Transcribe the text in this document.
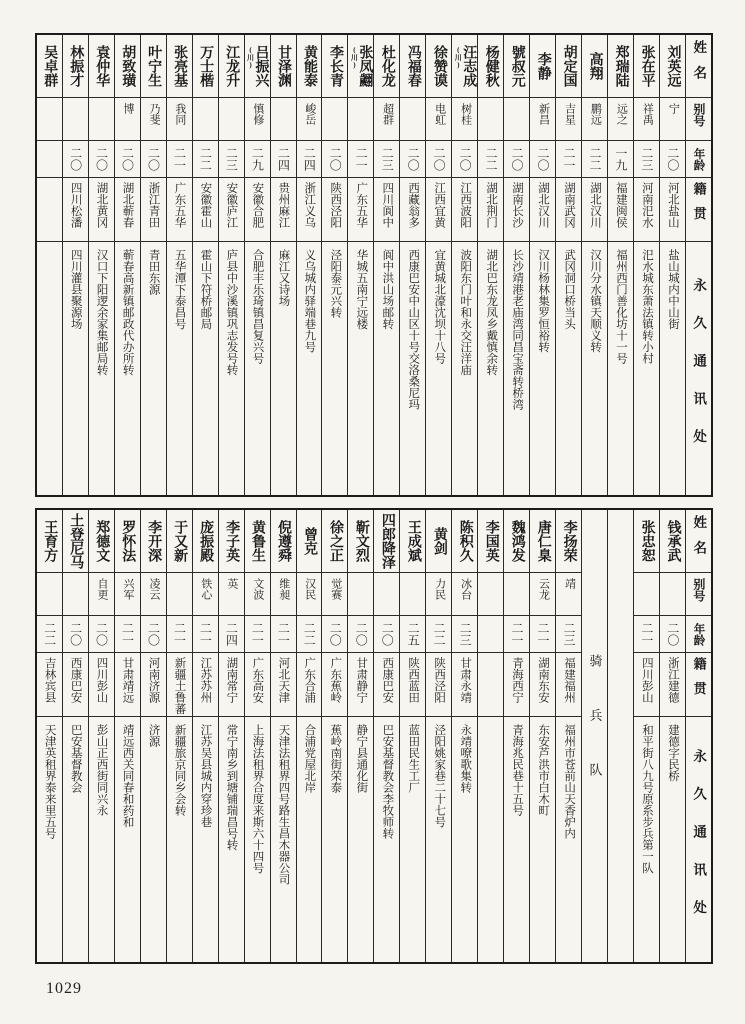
姓名
别号
年龄
籍贯
永久通讯处
刘英远
宁
二〇
河北盐山
盐山城内中山街
张在平
祥禹
二三
河南汜水
汜水城东萧法镇转小村
郑瑞陆
远之
一九
福建闽侯
福州西门善化坊十一号
高翔
鹏远
二二
湖北汉川
汉川分水镇天顺义转
胡定国
吉星
二一
湖南武冈
武冈洞口桥当头
李静
新昌
二〇
湖北汉川
汉川杨林集罗恒裕转
號叔元
二〇
湖南长沙
长沙靖港老庙湾同昌宝斋转桥湾
杨健秋
二二
湖北荆门
湖北巴东龙凤乡戴慎余转
汪志成
(川)
树桂
二〇
江西波阳
波阳东门叶和永交汪洋庙
徐赞谟
电虹
二〇
江西宜黄
宜黄城北濠沈坝十八号
冯福春
二〇
西藏翁多
西康巴安中山区十号交洛桑尼玛
杜化龙
超群
二三
四川阆中
阆中洪山场邮转
张凤翽
(川)
二一
广东五华
华城五南宁远楼
李长青
二〇
陕西泾阳
泾阳泰元兴转
黄能泰
峻岳
二四
浙江义乌
义乌城内驿端巷九号
甘泽渊
二四
贵州麻江
麻江又诗场
吕振兴
(川)
慎修
二九
安徽合肥
合肥丰乐琦镇昌复兴号
江龙升
二三
安徽庐江
庐县中沙溪镇巩志发号转
万士楷
二二
安徽霍山
霍山下符桥邮局
张亮基
我同
二一
广东五华
五华潭下泰昌号
叶宁生
乃斐
二〇
浙江青田
青田东源
胡致璜
博
二〇
湖北蕲春
蕲春高新镇邮政代办所转
袁仲华
二〇
湖北黄冈
汉口下阳逻余家集邮局转
林振才
二〇
四川松潘
四川灌县聚源场
吴卓群
姓名
别号
年龄
籍贯
永久通讯处
钱承武
二〇
浙江建德
建德字民桥
张忠恕
二一
四川彭山
和平街八九号原系步兵第一队
骑兵队
李扬荣
靖
二三
福建福州
福州市苍前山天香炉内
唐仁臬
云龙
二一
湖南东安
东安芦洪市白木町
魏鸿发
二一
青海西宁
青海兆民巷十五号
李国英
陈积久
冰台
二三
甘肃永靖
永靖嘹歌集转
黄剑
力民
二二
陕西泾阳
泾阳姚家巷二十七号
王成斌
二五
陕西蓝田
蓝田民生工厂
四郎降泽
二〇
西康巴安
巴安基督教会李牧师转
靳文烈
二〇
甘肃静宁
静宁县通化街
徐之正
觉赛
二〇
广东蕉岭
蕉岭南街荣泰
曾克
汉民
二二
广东合浦
合浦党屋北岸
倪遵舜
维昶
二一
河北天津
天津法租界四号路生昌木器公司
黄鲁生
文波
二一
广东高安
上海法租界合度来斯六十四号
李子英
英
二四
湖南常宁
常宁南乡到塘铺瑞昌号转
庞振殿
铁心
二一
江苏苏州
江苏吴县城内穿珍巷
于又新
二一
新疆土鲁蕃
新疆旅京同乡会转
李开深
凌云
二〇
河南济源
济源
罗怀法
兴军
二一
甘肃靖远
靖远西关同春和药和
郑德文
自更
二〇
四川彭山
彭山正西街同兴永
土登尼马
二〇
西康巴安
巴安基督教会
王育方
二二
吉林宾县
天津英租界泰来里五号
1029
